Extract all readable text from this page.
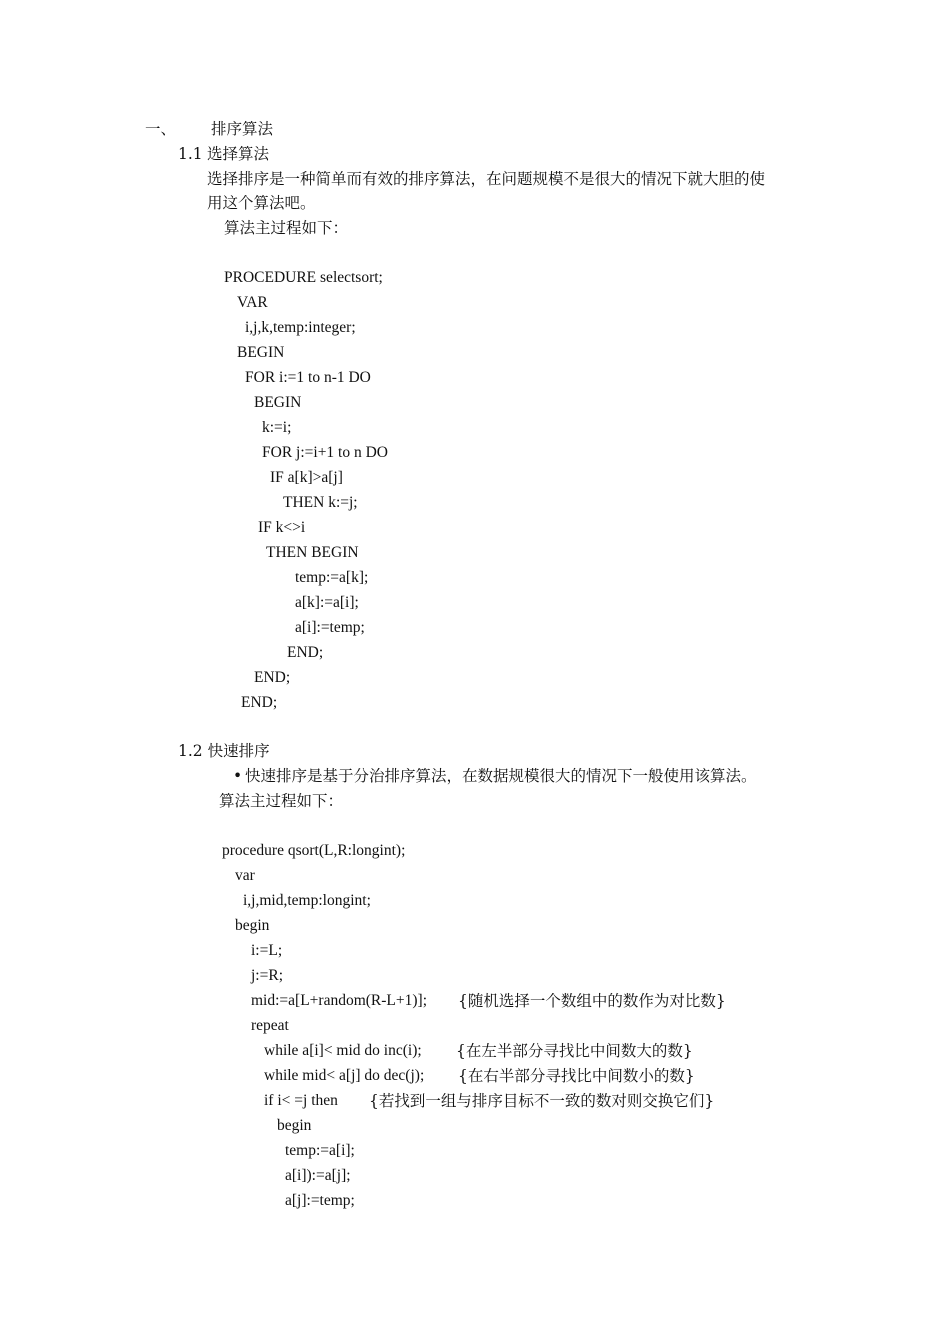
一、 排序算法
1.1 选择算法
选择排序是一种简单而有效的排序算法，在问题规模不是很大的情况下就大胆的使
用这个算法吧。
算法主过程如下：
PROCEDURE selectsort;
VAR
i,j,k,temp:integer;
BEGIN
FOR i:=1 to n-1 DO
BEGIN
k:=i;
FOR j:=i+1 to n DO
IF a[k]>a[j]
THEN k:=j;
IF k<>i
THEN BEGIN
temp:=a[k];
a[k]:=a[i];
a[i]:=temp;
END;
END;
END;
1.2 快速排序
• 快速排序是基于分治排序算法，在数据规模很大的情况下一般使用该算法。
算法主过程如下：
procedure qsort(L,R:longint);
var
i,j,mid,temp:longint;
begin
i:=L;
j:=R;
mid:=a[L+random(R-L+1)]; {随机选择一个数组中的数作为对比数}
repeat
while a[i]< mid do inc(i); {在左半部分寻找比中间数大的数}
while mid< a[j] do dec(j); {在右半部分寻找比中间数小的数}
if i< =j then {若找到一组与排序目标不一致的数对则交换它们}
begin
temp:=a[i];
a[i]):=a[j];
a[j]:=temp;
